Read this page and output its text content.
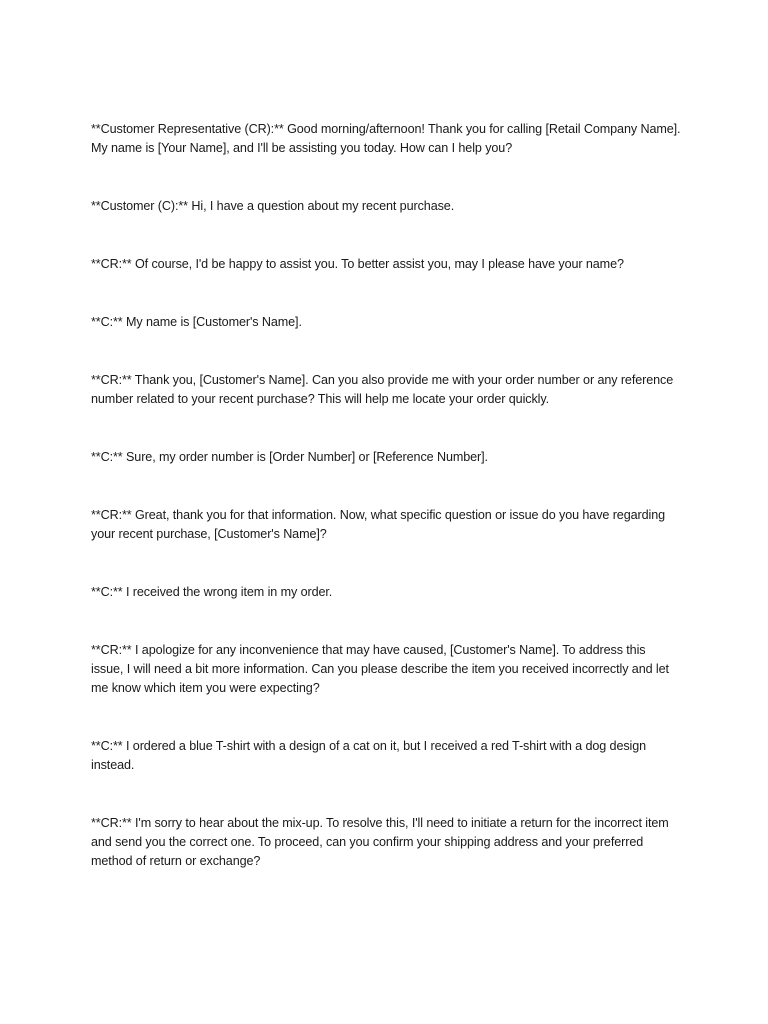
**Customer Representative (CR):** Good morning/afternoon! Thank you for calling [Retail Company Name]. My name is [Your Name], and I'll be assisting you today. How can I help you?

**Customer (C):** Hi, I have a question about my recent purchase.

**CR:** Of course, I'd be happy to assist you. To better assist you, may I please have your name?

**C:** My name is [Customer's Name].

**CR:** Thank you, [Customer's Name]. Can you also provide me with your order number or any reference number related to your recent purchase? This will help me locate your order quickly.

**C:** Sure, my order number is [Order Number] or [Reference Number].

**CR:** Great, thank you for that information. Now, what specific question or issue do you have regarding your recent purchase, [Customer's Name]?

**C:** I received the wrong item in my order.

**CR:** I apologize for any inconvenience that may have caused, [Customer's Name]. To address this issue, I will need a bit more information. Can you please describe the item you received incorrectly and let me know which item you were expecting?

**C:** I ordered a blue T-shirt with a design of a cat on it, but I received a red T-shirt with a dog design instead.

**CR:** I'm sorry to hear about the mix-up. To resolve this, I'll need to initiate a return for the incorrect item and send you the correct one. To proceed, can you confirm your shipping address and your preferred method of return or exchange?
